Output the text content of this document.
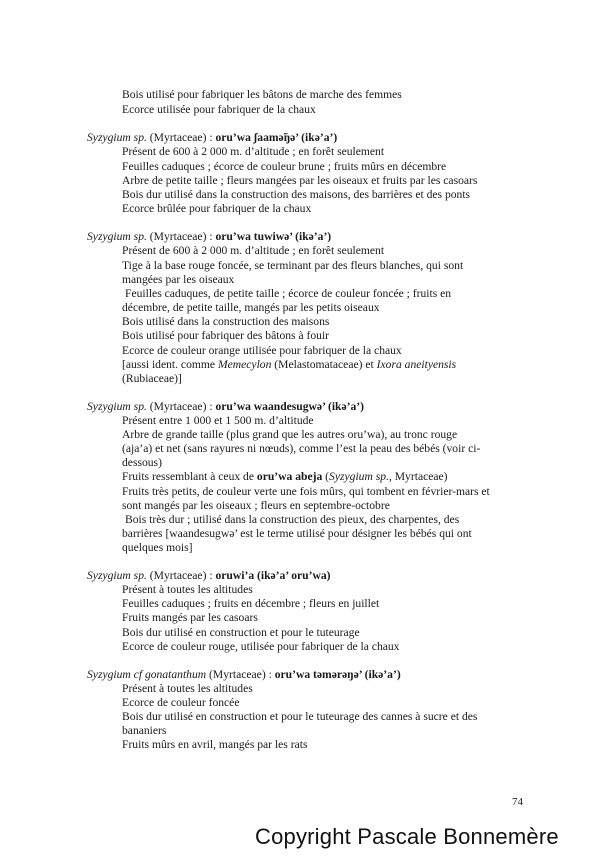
Bois utilisé pour fabriquer les bâtons de marche des femmes
Ecorce utilisée pour fabriquer de la chaux
Syzygium sp. (Myrtaceae) : oru’wa ʃaamə̃ŋə’ (ikə’a’)
Présent de 600 à 2 000 m. d’altitude ; en forêt seulement
Feuilles caduques ; écorce de couleur brune ; fruits mûrs en décembre
Arbre de petite taille ; fleurs mangées par les oiseaux et fruits par les casoars
Bois dur utilisé dans la construction des maisons, des barrières et des ponts
Ecorce brûlée pour fabriquer de la chaux
Syzygium sp. (Myrtaceae) : oru’wa tuwiwə’ (ikə’a’)
Présent de 600 à 2 000 m. d’altitude ; en forêt seulement
Tige à la base rouge foncée, se terminant par des fleurs blanches, qui sont
mangées par les oiseaux
Feuilles caduques, de petite taille ; écorce de couleur foncée ; fruits en
décembre, de petite taille, mangés par les petits oiseaux
Bois utilisé dans la construction des maisons
Bois utilisé pour fabriquer des bâtons à fouir
Ecorce de couleur orange utilisée pour fabriquer de la chaux
[aussi ident. comme Memecylon (Melastomataceae) et Ixora aneityensis
(Rubiaceae)]
Syzygium sp. (Myrtaceae) : oru’wa waandesugwə’ (ikə’a’)
Présent entre 1 000 et 1 500 m. d’altitude
Arbre de grande taille (plus grand que les autres oru’wa), au tronc rouge
(aja’a) et net (sans rayures ni nœuds), comme l’est la peau des bébés (voir ci-
dessous)
Fruits ressemblant à ceux de oru’wa abeja (Syzygium sp., Myrtaceae)
Fruits très petits, de couleur verte une fois mûrs, qui tombent en février-mars et
sont mangés par les oiseaux ; fleurs en septembre-octobre
Bois très dur ; utilisé dans la construction des pieux, des charpentes, des
barrières [waandesugwə’ est le terme utilisé pour désigner les bébés qui ont
quelques mois]
Syzygium sp. (Myrtaceae) : oruwi’a (ikə’a’ oru’wa)
Présent à toutes les altitudes
Feuilles caduques ; fruits en décembre ; fleurs en juillet
Fruits mangés par les casoars
Bois dur utilisé en construction et pour le tuteurage
Ecorce de couleur rouge, utilisée pour fabriquer de la chaux
Syzygium cf gonatanthum (Myrtaceae) : oru’wa təmərəŋə’ (ikə’a’)
Présent à toutes les altitudes
Ecorce de couleur foncée
Bois dur utilisé en construction et pour le tuteurage des cannes à sucre et des
bananiers
Fruits mûrs en avril, mangés par les rats
74
Copyright Pascale Bonnemère
